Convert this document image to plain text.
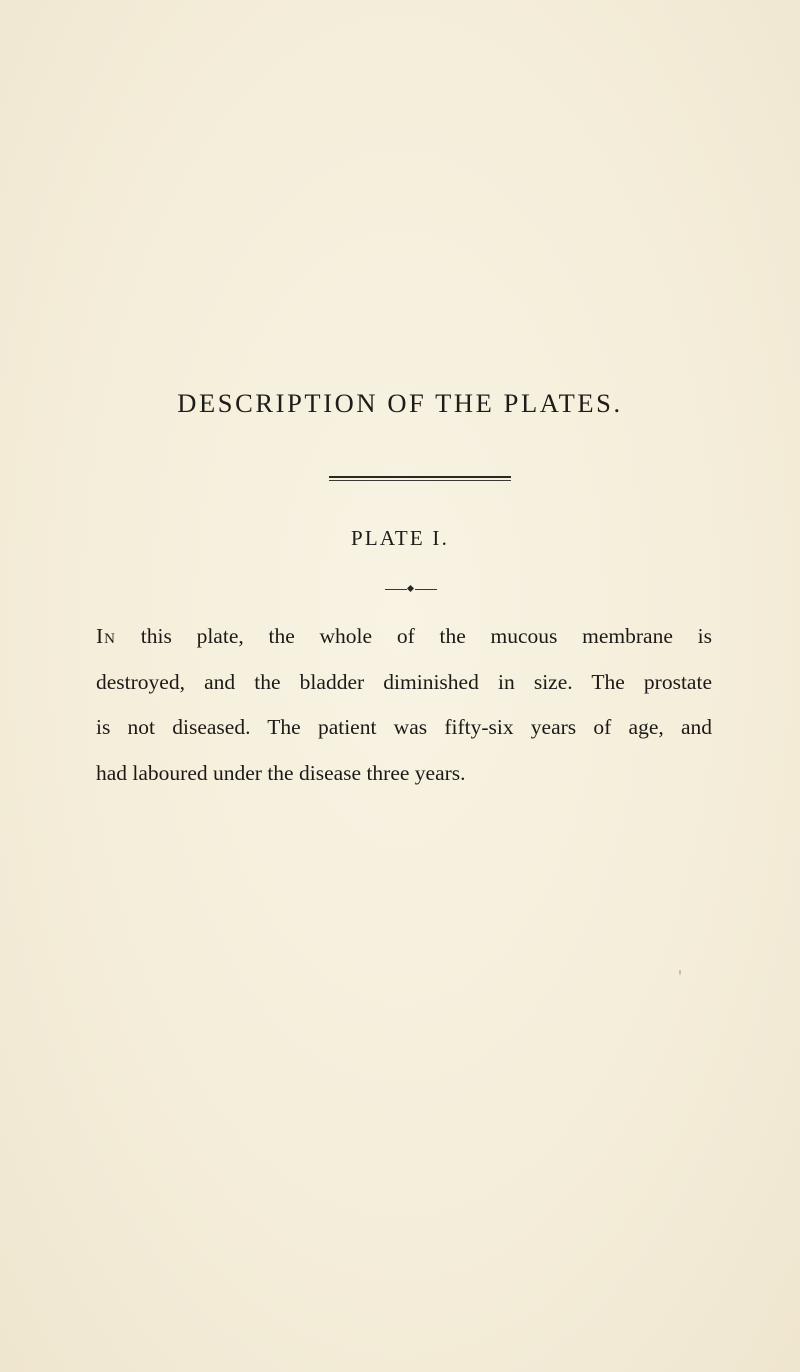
DESCRIPTION OF THE PLATES.
PLATE I.

In this plate, the whole of the mucous membrane is
destroyed, and the bladder diminished in size. The prostate
is not diseased. The patient was fifty-six years of age, and
had laboured under the disease three years.
